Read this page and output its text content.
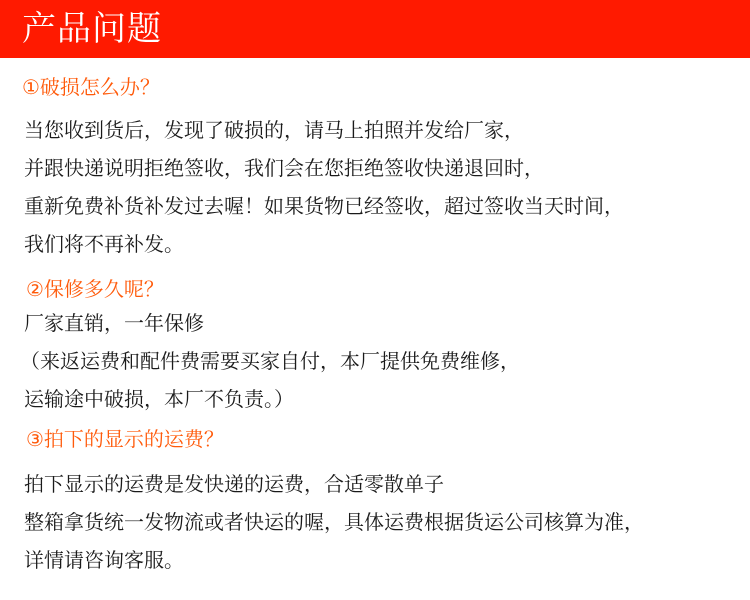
产品问题
①破损怎么办？
当您收到货后，发现了破损的，请马上拍照并发给厂家，
并跟快递说明拒绝签收，我们会在您拒绝签收快递退回时，
重新免费补货补发过去喔！如果货物已经签收，超过签收当天时间，
我们将不再补发。
②保修多久呢？
厂家直销，一年保修
（来返运费和配件费需要买家自付，本厂提供免费维修，
运输途中破损，本厂不负责。）
③拍下的显示的运费？
拍下显示的运费是发快递的运费，合适零散单子
整箱拿货统一发物流或者快运的喔，具体运费根据货运公司核算为准，
详情请咨询客服。
